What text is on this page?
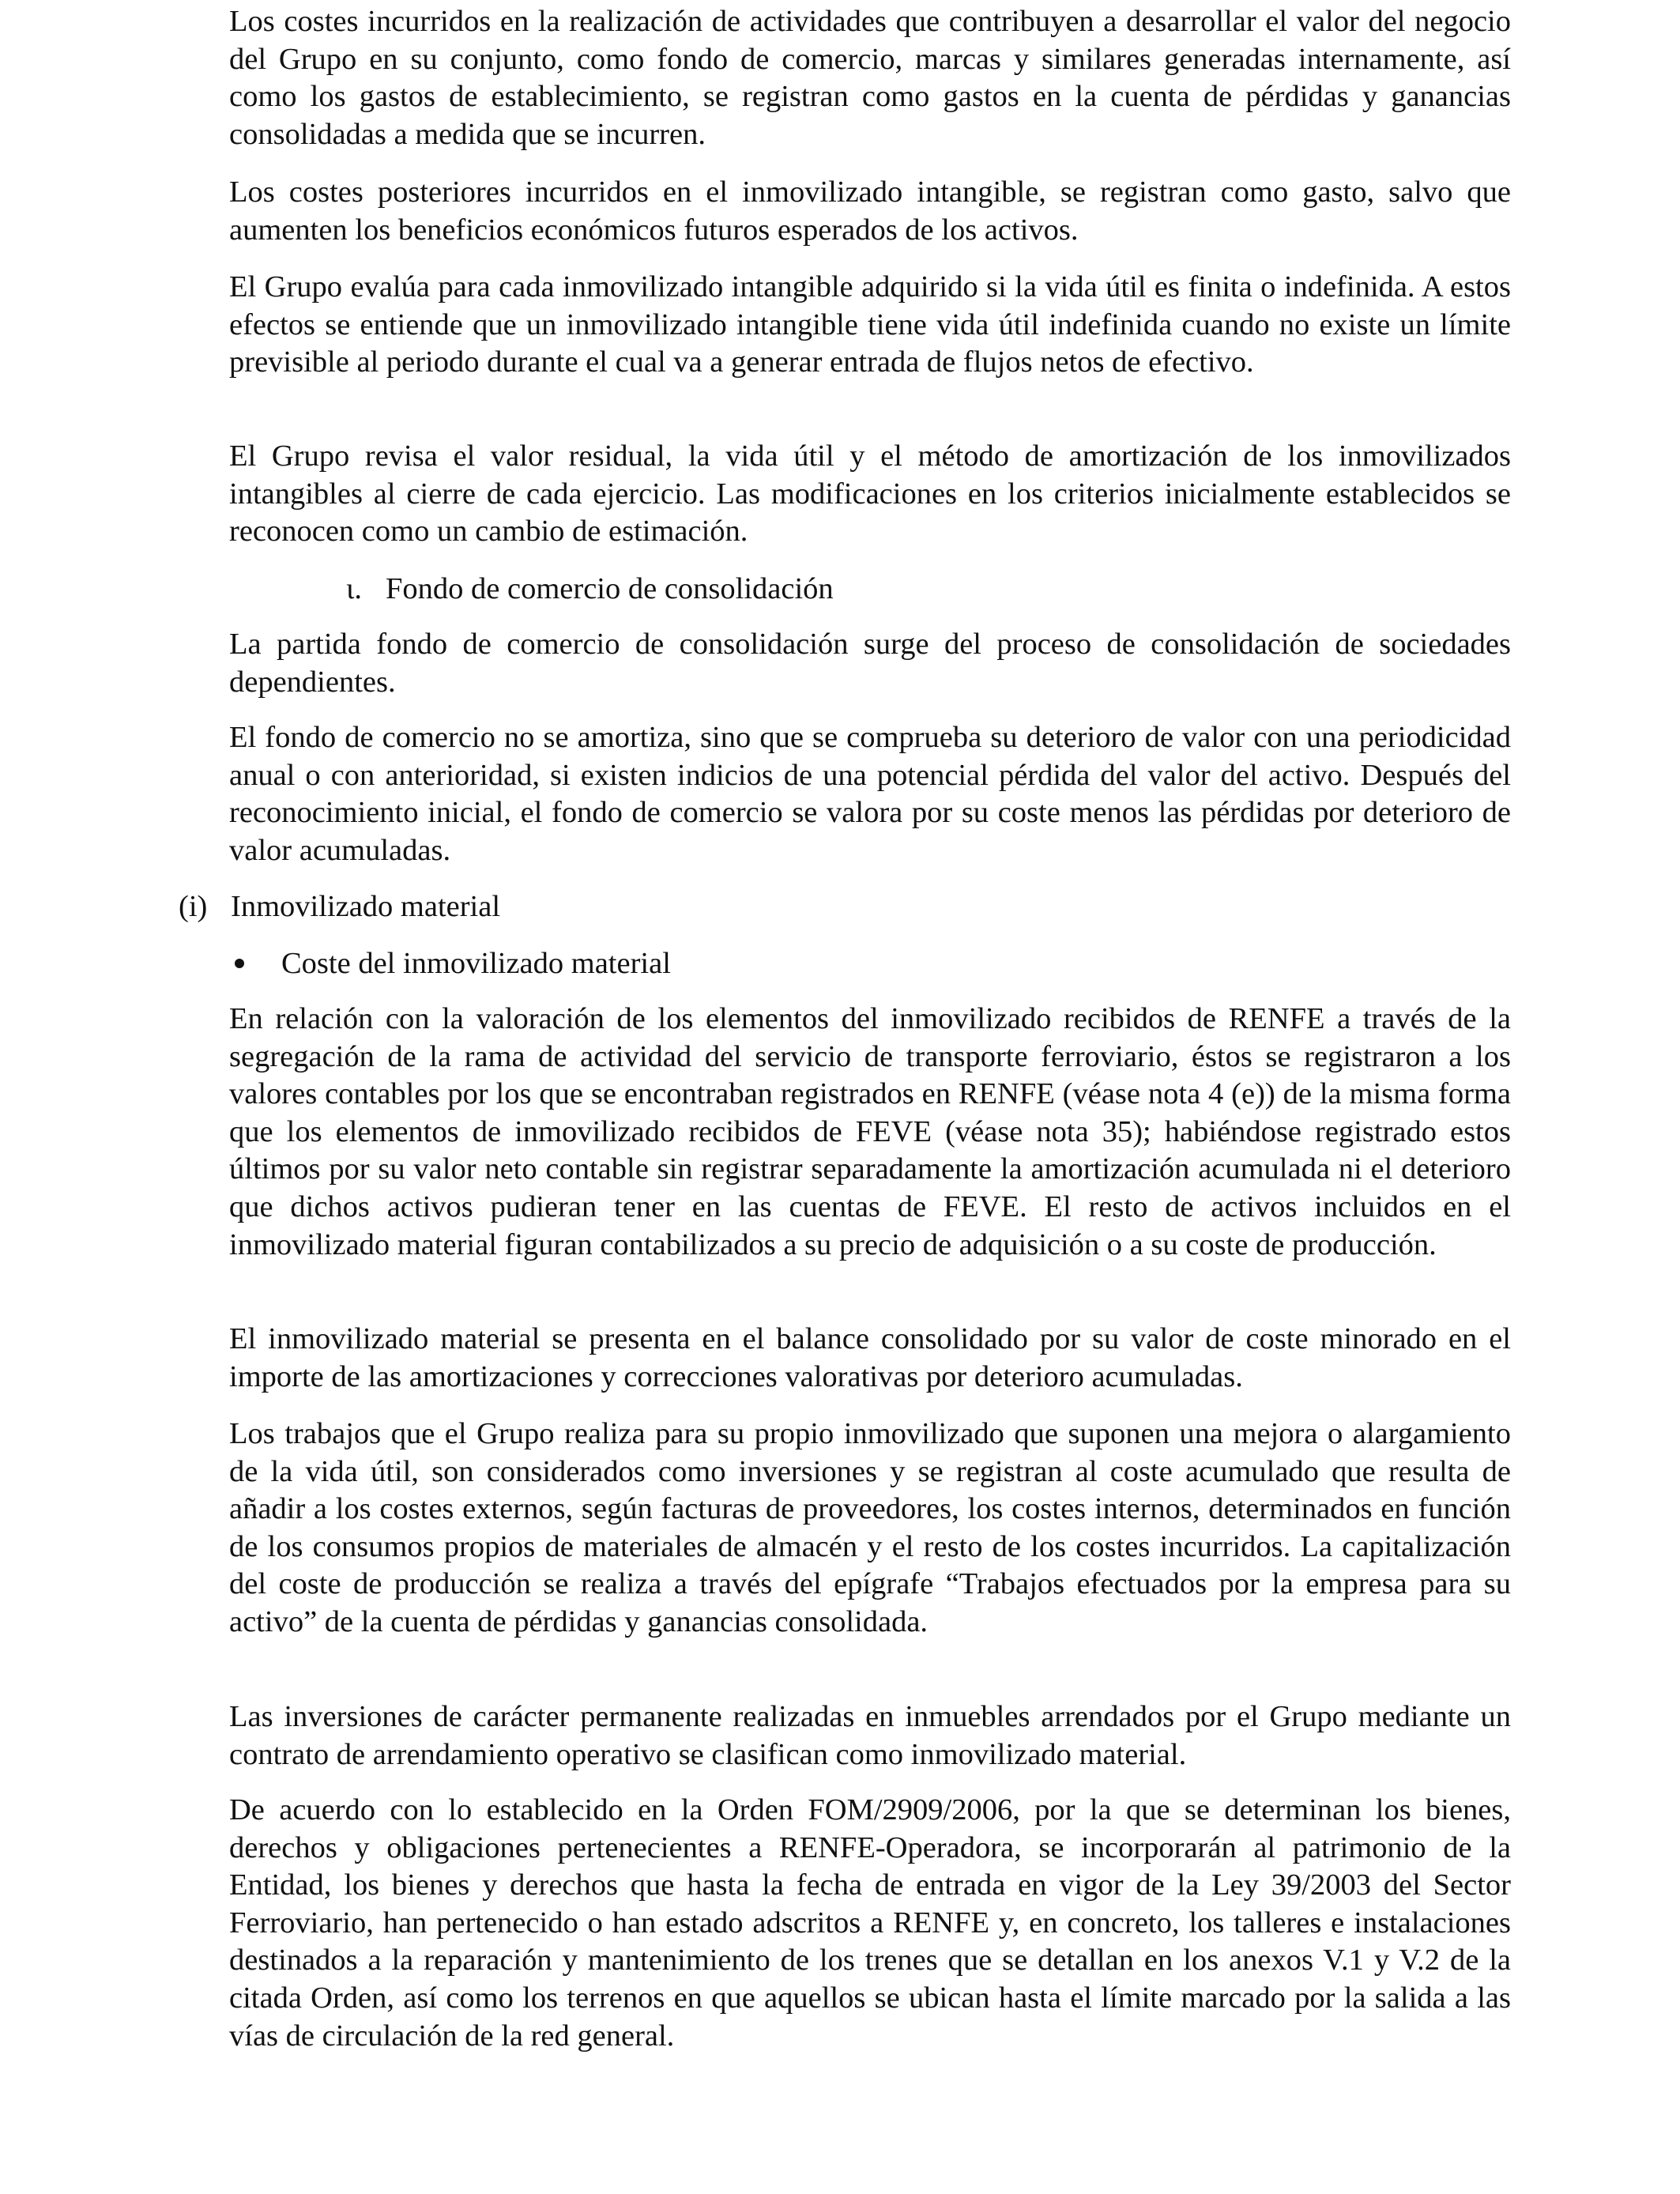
Los costes incurridos en la realización de actividades que contribuyen a desarrollar el valor del negocio del Grupo en su conjunto, como fondo de comercio, marcas y similares generadas internamente, así como los gastos de establecimiento, se registran como gastos en la cuenta de pérdidas y ganancias consolidadas a medida que se incurren.

Los costes posteriores incurridos en el inmovilizado intangible, se registran como gasto, salvo que aumenten los beneficios económicos futuros esperados de los activos.

El Grupo evalúa para cada inmovilizado intangible adquirido si la vida útil es finita o indefinida. A estos efectos se entiende que un inmovilizado intangible tiene vida útil indefinida cuando no existe un límite previsible al periodo durante el cual va a generar entrada de flujos netos de efectivo.

El Grupo revisa el valor residual, la vida útil y el método de amortización de los inmovilizados intangibles al cierre de cada ejercicio. Las modificaciones en los criterios inicialmente establecidos se reconocen como un cambio de estimación.

ι. Fondo de comercio de consolidación

La partida fondo de comercio de consolidación surge del proceso de consolidación de sociedades dependientes.

El fondo de comercio no se amortiza, sino que se comprueba su deterioro de valor con una periodicidad anual o con anterioridad, si existen indicios de una potencial pérdida del valor del activo. Después del reconocimiento inicial, el fondo de comercio se valora por su coste menos las pérdidas por deterioro de valor acumuladas.

(i) Inmovilizado material

Coste del inmovilizado material

En relación con la valoración de los elementos del inmovilizado recibidos de RENFE a través de la segregación de la rama de actividad del servicio de transporte ferroviario, éstos se registraron a los valores contables por los que se encontraban registrados en RENFE (véase nota 4 (e)) de la misma forma que los elementos de inmovilizado recibidos de FEVE (véase nota 35); habiéndose registrado estos últimos por su valor neto contable sin registrar separadamente la amortización acumulada ni el deterioro que dichos activos pudieran tener en las cuentas de FEVE. El resto de activos incluidos en el inmovilizado material figuran contabilizados a su precio de adquisición o a su coste de producción.

El inmovilizado material se presenta en el balance consolidado por su valor de coste minorado en el importe de las amortizaciones y correcciones valorativas por deterioro acumuladas.

Los trabajos que el Grupo realiza para su propio inmovilizado que suponen una mejora o alargamiento de la vida útil, son considerados como inversiones y se registran al coste acumulado que resulta de añadir a los costes externos, según facturas de proveedores, los costes internos, determinados en función de los consumos propios de materiales de almacén y el resto de los costes incurridos. La capitalización del coste de producción se realiza a través del epígrafe “Trabajos efectuados por la empresa para su activo” de la cuenta de pérdidas y ganancias consolidada.

Las inversiones de carácter permanente realizadas en inmuebles arrendados por el Grupo mediante un contrato de arrendamiento operativo se clasifican como inmovilizado material.

De acuerdo con lo establecido en la Orden FOM/2909/2006, por la que se determinan los bienes, derechos y obligaciones pertenecientes a RENFE-Operadora, se incorporarán al patrimonio de la Entidad, los bienes y derechos que hasta la fecha de entrada en vigor de la Ley 39/2003 del Sector Ferroviario, han pertenecido o han estado adscritos a RENFE y, en concreto, los talleres e instalaciones destinados a la reparación y mantenimiento de los trenes que se detallan en los anexos V.1 y V.2 de la citada Orden, así como los terrenos en que aquellos se ubican hasta el límite marcado por la salida a las vías de circulación de la red general.
